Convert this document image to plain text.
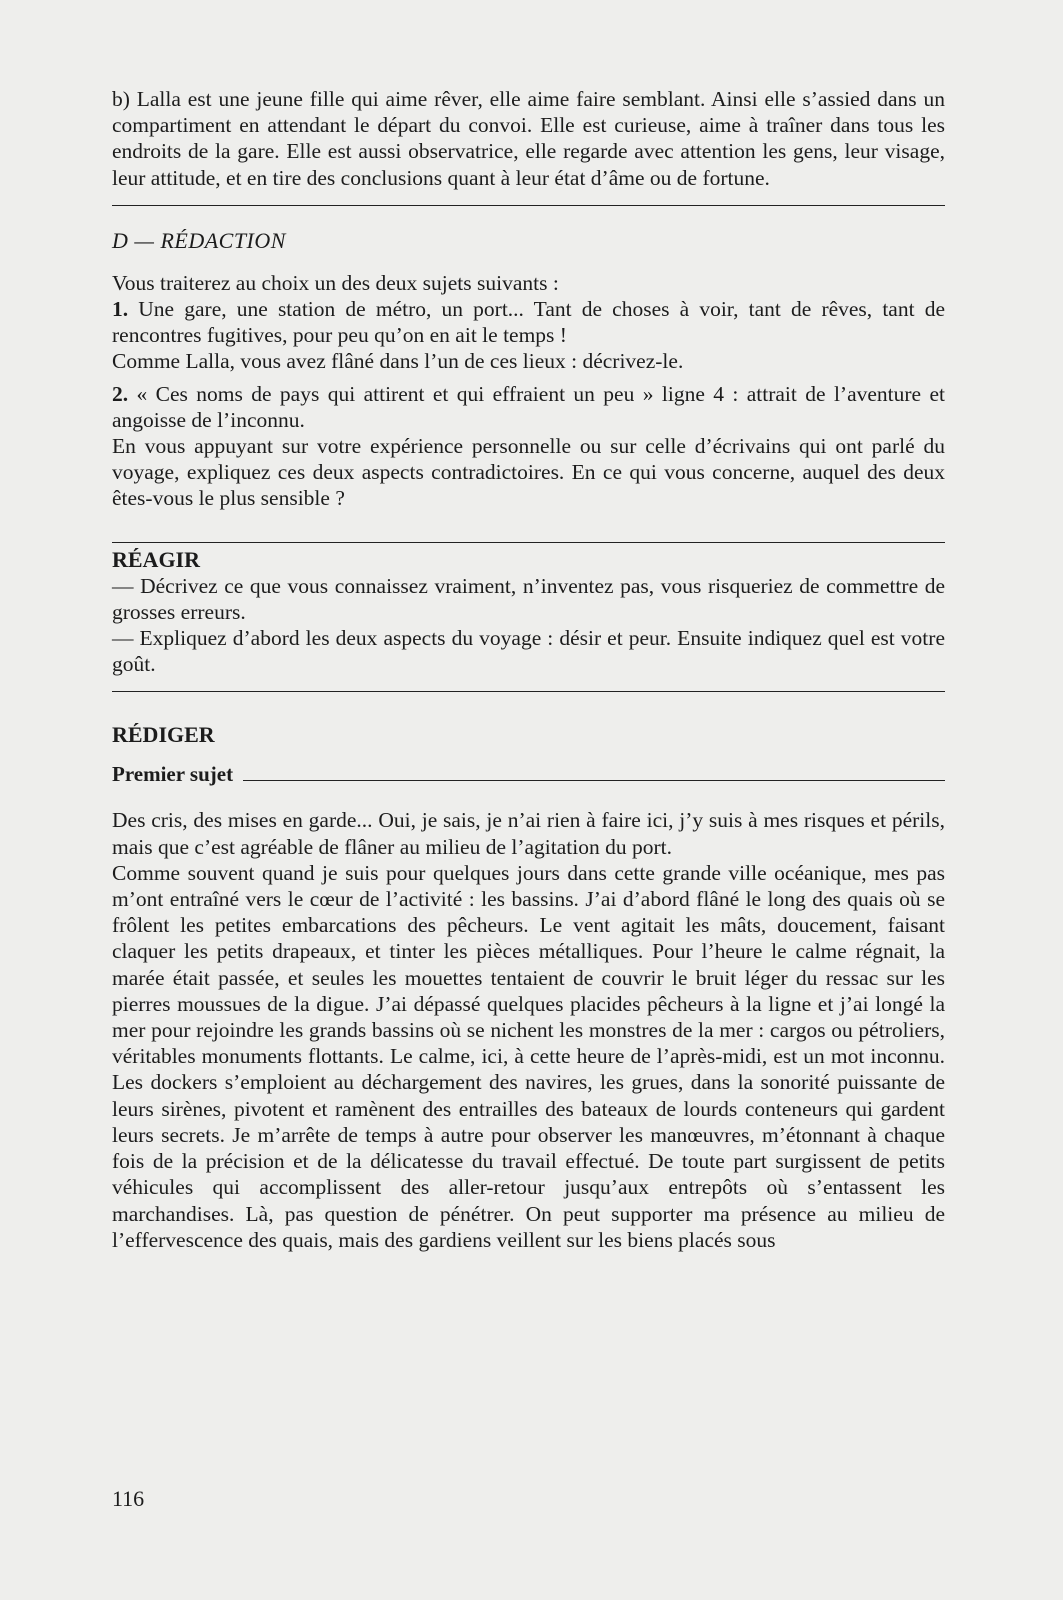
b) Lalla est une jeune fille qui aime rêver, elle aime faire semblant. Ainsi elle s’assied dans un compartiment en attendant le départ du convoi. Elle est curieuse, aime à traîner dans tous les endroits de la gare. Elle est aussi observatrice, elle regarde avec attention les gens, leur visage, leur attitude, et en tire des conclusions quant à leur état d’âme ou de fortune.

D — RÉDACTION

Vous traiterez au choix un des deux sujets suivants :

1. Une gare, une station de métro, un port... Tant de choses à voir, tant de rêves, tant de rencontres fugitives, pour peu qu’on en ait le temps !

Comme Lalla, vous avez flâné dans l’un de ces lieux : décrivez-le.

2. « Ces noms de pays qui attirent et qui effraient un peu » ligne 4 : attrait de l’aventure et angoisse de l’inconnu.

En vous appuyant sur votre expérience personnelle ou sur celle d’écrivains qui ont parlé du voyage, expliquez ces deux aspects contradictoires. En ce qui vous concerne, auquel des deux êtes-vous le plus sensible ?

RÉAGIR

— Décrivez ce que vous connaissez vraiment, n’inventez pas, vous risqueriez de commettre de grosses erreurs.

— Expliquez d’abord les deux aspects du voyage : désir et peur. Ensuite indiquez quel est votre goût.

RÉDIGER
Premier sujet

Des cris, des mises en garde... Oui, je sais, je n’ai rien à faire ici, j’y suis à mes risques et périls, mais que c’est agréable de flâner au milieu de l’agitation du port.

Comme souvent quand je suis pour quelques jours dans cette grande ville océanique, mes pas m’ont entraîné vers le cœur de l’activité : les bassins. J’ai d’abord flâné le long des quais où se frôlent les petites embarcations des pêcheurs. Le vent agitait les mâts, doucement, faisant claquer les petits drapeaux, et tinter les pièces métalliques. Pour l’heure le calme régnait, la marée était passée, et seules les mouettes tentaient de couvrir le bruit léger du ressac sur les pierres moussues de la digue. J’ai dépassé quelques placides pêcheurs à la ligne et j’ai longé la mer pour rejoindre les grands bassins où se nichent les monstres de la mer : cargos ou pétroliers, véritables monuments flottants. Le calme, ici, à cette heure de l’après-midi, est un mot inconnu. Les dockers s’emploient au déchargement des navires, les grues, dans la sonorité puissante de leurs sirènes, pivotent et ramènent des entrailles des bateaux de lourds conteneurs qui gardent leurs secrets. Je m’arrête de temps à autre pour observer les manœuvres, m’étonnant à chaque fois de la précision et de la délicatesse du travail effectué. De toute part surgissent de petits véhicules qui accomplissent des aller-retour jusqu’aux entrepôts où s’entassent les marchandises. Là, pas question de pénétrer. On peut supporter ma présence au milieu de l’effervescence des quais, mais des gardiens veillent sur les biens placés sous

116
